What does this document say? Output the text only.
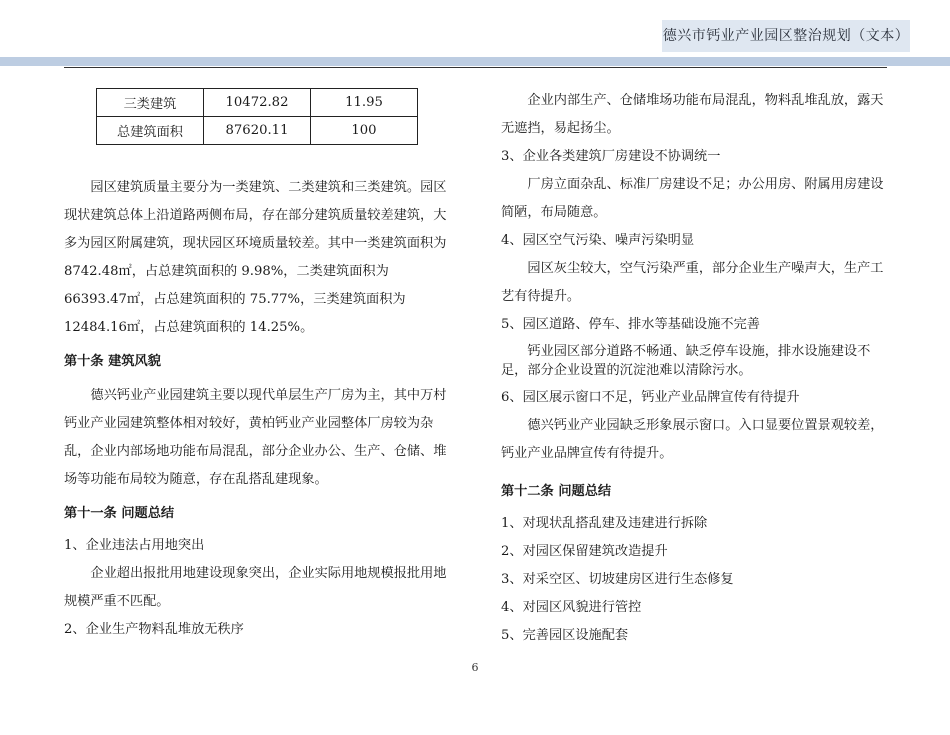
德兴市钙业产业园区整治规划（文本）
三类建筑	10472.82	11.95
总建筑面积	87620.11	100

园区建筑质量主要分为一类建筑、二类建筑和三类建筑。园区现状建筑总体上沿道路两侧布局，存在部分建筑质量较差建筑，大多为园区附属建筑，现状园区环境质量较差。其中一类建筑面积为 8742.48㎡，占总建筑面积的 9.98%，二类建筑面积为 66393.47㎡，占总建筑面积的 75.77%，三类建筑面积为 12484.16㎡，占总建筑面积的 14.25%。

第十条 建筑风貌

德兴钙业产业园建筑主要以现代单层生产厂房为主，其中万村钙业产业园建筑整体相对较好，黄柏钙业产业园整体厂房较为杂乱，企业内部场地功能布局混乱，部分企业办公、生产、仓储、堆场等功能布局较为随意，存在乱搭乱建现象。

第十一条 问题总结

1、企业违法占用地突出

企业超出报批用地建设现象突出，企业实际用地规模报批用地规模严重不匹配。

2、企业生产物料乱堆放无秩序

企业内部生产、仓储堆场功能布局混乱，物料乱堆乱放，露天无遮挡，易起扬尘。

3、企业各类建筑厂房建设不协调统一

厂房立面杂乱、标准厂房建设不足；办公用房、附属用房建设简陋，布局随意。

4、园区空气污染、噪声污染明显

园区灰尘较大，空气污染严重，部分企业生产噪声大，生产工艺有待提升。

5、园区道路、停车、排水等基础设施不完善

钙业园区部分道路不畅通、缺乏停车设施，排水设施建设不足，部分企业设置的沉淀池难以清除污水。

6、园区展示窗口不足，钙业产业品牌宣传有待提升

德兴钙业产业园缺乏形象展示窗口。入口显要位置景观较差，钙业产业品牌宣传有待提升。

第十二条 问题总结

1、对现状乱搭乱建及违建进行拆除

2、对园区保留建筑改造提升

3、对采空区、切坡建房区进行生态修复

4、对园区风貌进行管控

5、完善园区设施配套

6
